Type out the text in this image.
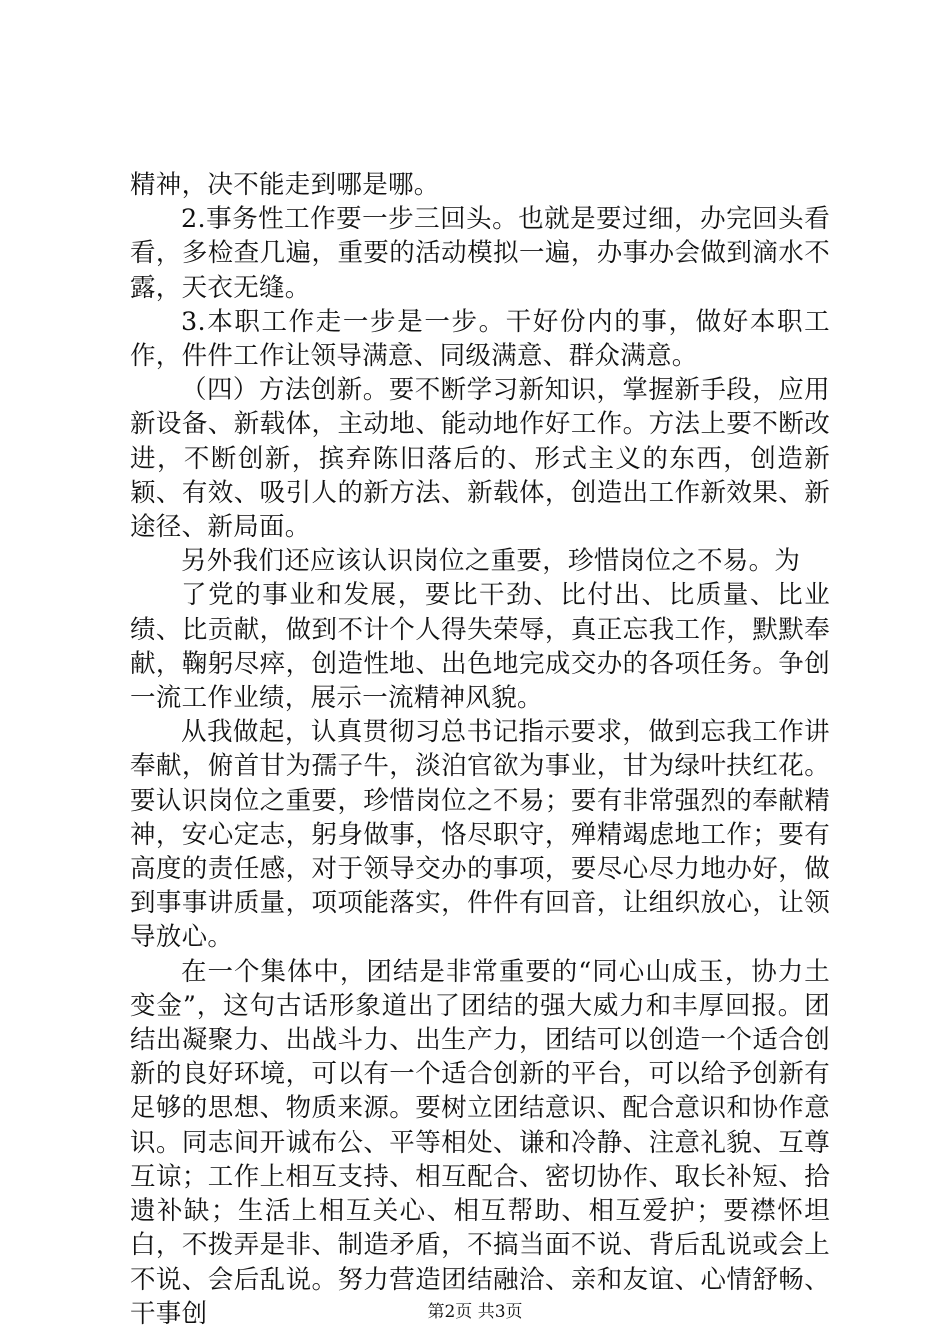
精神，决不能走到哪是哪。

2.事务性工作要一步三回头。也就是要过细，办完回头看看，多检查几遍，重要的活动模拟一遍，办事办会做到滴水不露，天衣无缝。

3.本职工作走一步是一步。干好份内的事，做好本职工作，件件工作让领导满意、同级满意、群众满意。

（四）方法创新。要不断学习新知识，掌握新手段，应用新设备、新载体，主动地、能动地作好工作。方法上要不断改进，不断创新，摈弃陈旧落后的、形式主义的东西，创造新颖、有效、吸引人的新方法、新载体，创造出工作新效果、新途径、新局面。

另外我们还应该认识岗位之重要，珍惜岗位之不易。为

了党的事业和发展，要比干劲、比付出、比质量、比业绩、比贡献，做到不计个人得失荣辱，真正忘我工作，默默奉献，鞠躬尽瘁，创造性地、出色地完成交办的各项任务。争创一流工作业绩，展示一流精神风貌。

从我做起，认真贯彻习总书记指示要求，做到忘我工作讲奉献，俯首甘为孺子牛，淡泊官欲为事业，甘为绿叶扶红花。要认识岗位之重要，珍惜岗位之不易；要有非常强烈的奉献精神，安心定志，躬身做事，恪尽职守，殚精竭虑地工作；要有高度的责任感，对于领导交办的事项，要尽心尽力地办好，做到事事讲质量，项项能落实，件件有回音，让组织放心，让领导放心。

在一个集体中，团结是非常重要的“同心山成玉，协力土变金”，这句古话形象道出了团结的强大威力和丰厚回报。团结出凝聚力、出战斗力、出生产力，团结可以创造一个适合创新的良好环境，可以有一个适合创新的平台，可以给予创新有足够的思想、物质来源。要树立团结意识、配合意识和协作意识。同志间开诚布公、平等相处、谦和冷静、注意礼貌、互尊互谅；工作上相互支持、相互配合、密切协作、取长补短、拾遗补缺；生活上相互关心、相互帮助、相互爱护；要襟怀坦白，不拨弄是非、制造矛盾，不搞当面不说、背后乱说或会上不说、会后乱说。努力营造团结融洽、亲和友谊、心情舒畅、干事创	第2页 共3页
